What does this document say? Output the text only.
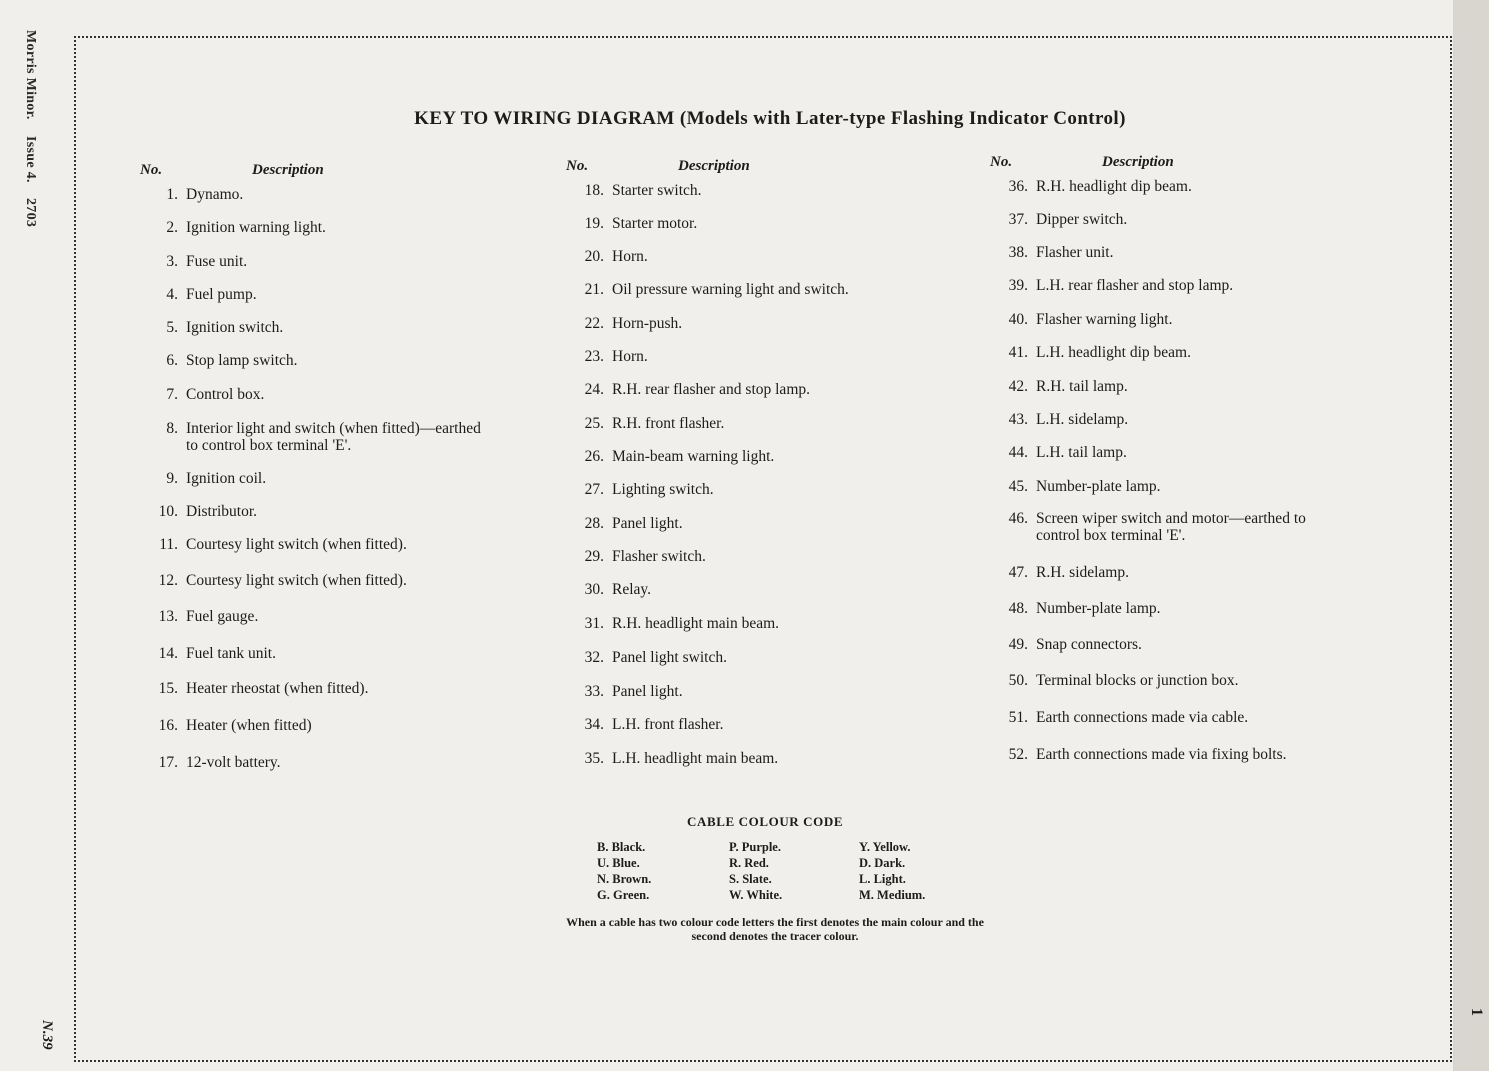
1
Morris Minor. Issue 4. 2703
N.39
KEY TO WIRING DIAGRAM (Models with Later-type Flashing Indicator Control)
No.	Description
1. Dynamo.
2. Ignition warning light.
3. Fuse unit.
4. Fuel pump.
5. Ignition switch.
6. Stop lamp switch.
7. Control box.
8. Interior light and switch (when fitted)—earthed
to control box terminal 'E'.
9. Ignition coil.
10. Distributor.
11. Courtesy light switch (when fitted).
12. Courtesy light switch (when fitted).
13. Fuel gauge.
14. Fuel tank unit.
15. Heater rheostat (when fitted).
16. Heater (when fitted)
17. 12-volt battery.
No.	Description
18. Starter switch.
19. Starter motor.
20. Horn.
21. Oil pressure warning light and switch.
22. Horn-push.
23. Horn.
24. R.H. rear flasher and stop lamp.
25. R.H. front flasher.
26. Main-beam warning light.
27. Lighting switch.
28. Panel light.
29. Flasher switch.
30. Relay.
31. R.H. headlight main beam.
32. Panel light switch.
33. Panel light.
34. L.H. front flasher.
35. L.H. headlight main beam.
No.	Description
36. R.H. headlight dip beam.
37. Dipper switch.
38. Flasher unit.
39. L.H. rear flasher and stop lamp.
40. Flasher warning light.
41. L.H. headlight dip beam.
42. R.H. tail lamp.
43. L.H. sidelamp.
44. L.H. tail lamp.
45. Number-plate lamp.
46. Screen wiper switch and motor—earthed to
control box terminal 'E'.
47. R.H. sidelamp.
48. Number-plate lamp.
49. Snap connectors.
50. Terminal blocks or junction box.
51. Earth connections made via cable.
52. Earth connections made via fixing bolts.
CABLE COLOUR CODE
B. Black.	P. Purple.	Y. Yellow.
U. Blue.	R. Red.	D. Dark.
N. Brown.	S. Slate.	L. Light.
G. Green.	W. White.	M. Medium.
When a cable has two colour code letters the first denotes the main colour and the second denotes the tracer colour.
